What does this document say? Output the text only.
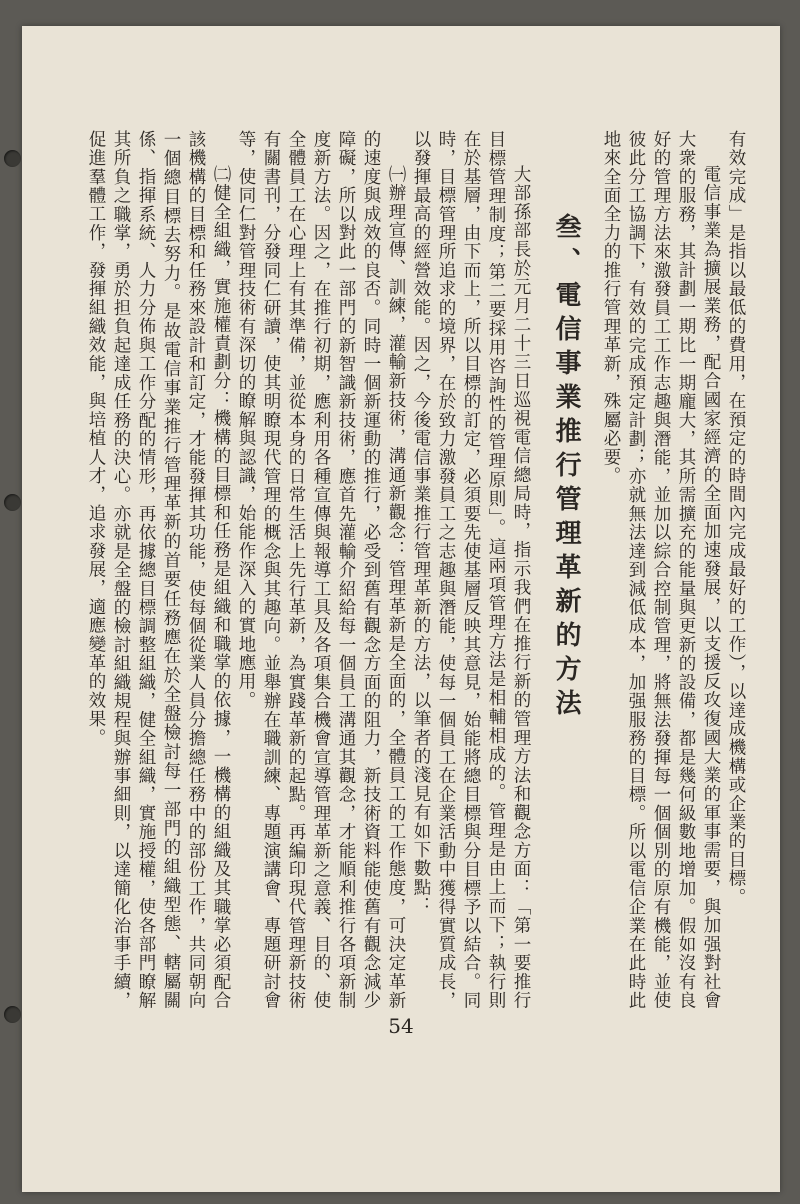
有效完成」是指以最低的費用，在預定的時間內完成最好的工作），以達成機構或企業的目標。

電信事業為擴展業務，配合國家經濟的全面加速發展，以支援反攻復國大業的軍事需要，與加强對社會大衆的服務，其計劃一期比一期龐大，其所需擴充的能量與更新的設備，都是幾何級數地增加。假如沒有良好的管理方法來激發員工工作志趣與潛能，並加以綜合控制管理，將無法發揮每一個個別的原有機能，並使彼此分工協調下，有效的完成預定計劃；亦就無法達到減低成本，加强服務的目標。所以電信企業在此時此地來全面全力的推行管理革新，殊屬必要。

叁、電信事業推行管理革新的方法

大部孫部長於元月二十三日巡視電信總局時，指示我們在推行新的管理方法和觀念方面：「第一要推行目標管理制度；第二要採用咨詢性的管理原則」。這兩項管理方法是相輔相成的。管理是由上而下；執行則在於基層，由下而上，所以目標的訂定，必須要先使基層反映其意見，始能將總目標與分目標予以結合。同時，目標管理所追求的境界，在於致力激發員工之志趣與潛能，使每一個員工在企業活動中獲得實質成長，以發揮最高的經營效能。因之，今後電信事業推行管理革新的方法，以筆者的淺見有如下數點：

㈠辦理宣傳、訓練，灌輸新技術，溝通新觀念：管理革新是全面的，全體員工的工作態度，可決定革新的速度與成效的良否。同時一個新運動的推行，必受到舊有觀念方面的阻力，新技術資料能使舊有觀念減少障礙，所以對此一部門的新智識新技術，應首先灌輸介紹給每一個員工溝通其觀念，才能順利推行各項新制度新方法。因之，在推行初期，應利用各種宣傳與報導工具及各項集合機會宣導管理革新之意義、目的、使全體員工在心理上有其準備，並從本身的日常生活上先行革新，為實踐革新的起點。再編印現代管理新技術有關書刊，分發同仁研讀，使其明瞭現代管理的概念與其趣向。並舉辦在職訓練、專題演講會、專題研討會等，使同仁對管理技術有深切的瞭解與認識，始能作深入的實地應用。

㈡健全組織，實施權責劃分：機構的目標和任務是組織和職掌的依據，一機構的組織及其職掌必須配合該機構的目標和任務來設計和訂定，才能發揮其功能，使每個從業人員分擔總任務中的部份工作，共同朝向一個總目標去努力。是故電信事業推行管理革新的首要任務應在於全盤檢討每一部門的組織型態、轄屬關係、指揮系統、人力分佈與工作分配的情形，再依據總目標調整組織，健全組織，實施授權，使各部門瞭解其所負之職掌，勇於担負起達成任務的決心。亦就是全盤的檢討組織規程與辦事細則，以達簡化治事手續，促進羣體工作，發揮組織效能，與培植人才，追求發展，適應變革的效果。

54
